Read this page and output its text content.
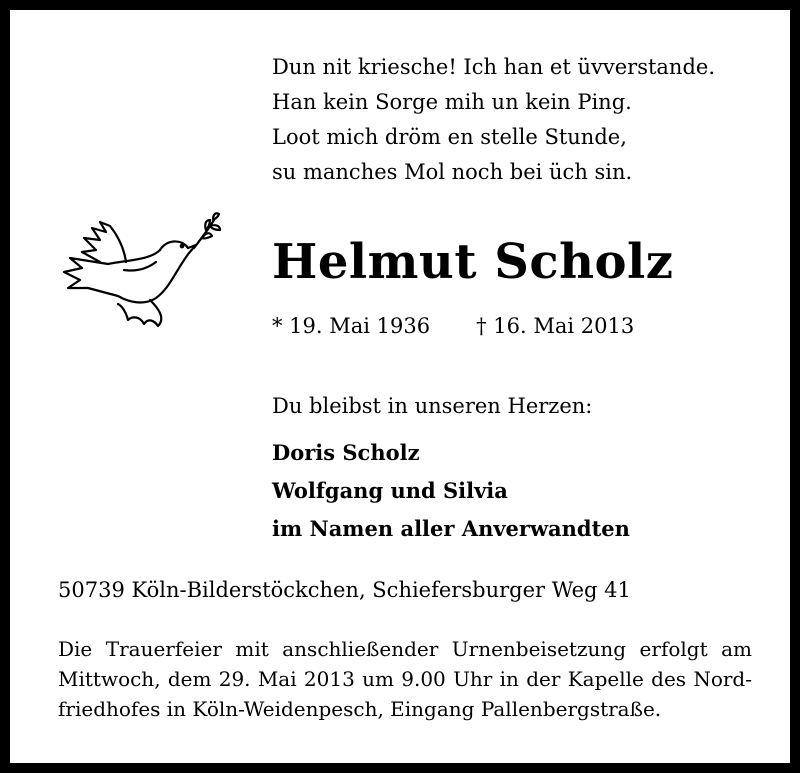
Dun nit kriesche! Ich han et üvverstande.
Han kein Sorge mih un kein Ping.
Loot mich dröm en stelle Stunde,
su manches Mol noch bei üch sin.
Helmut Scholz
* 19. Mai 1936 † 16. Mai 2013
Du bleibst in unseren Herzen:
Doris Scholz
Wolfgang und Silvia
im Namen aller Anverwandten
50739 Köln-Bilderstöckchen, Schiefersburger Weg 41
Die Trauerfeier mit anschließender Urnenbeisetzung erfolgt am
Mittwoch, dem 29. Mai 2013 um 9.00 Uhr in der Kapelle des Nord-
friedhofes in Köln-Weidenpesch, Eingang Pallenbergstraße.
